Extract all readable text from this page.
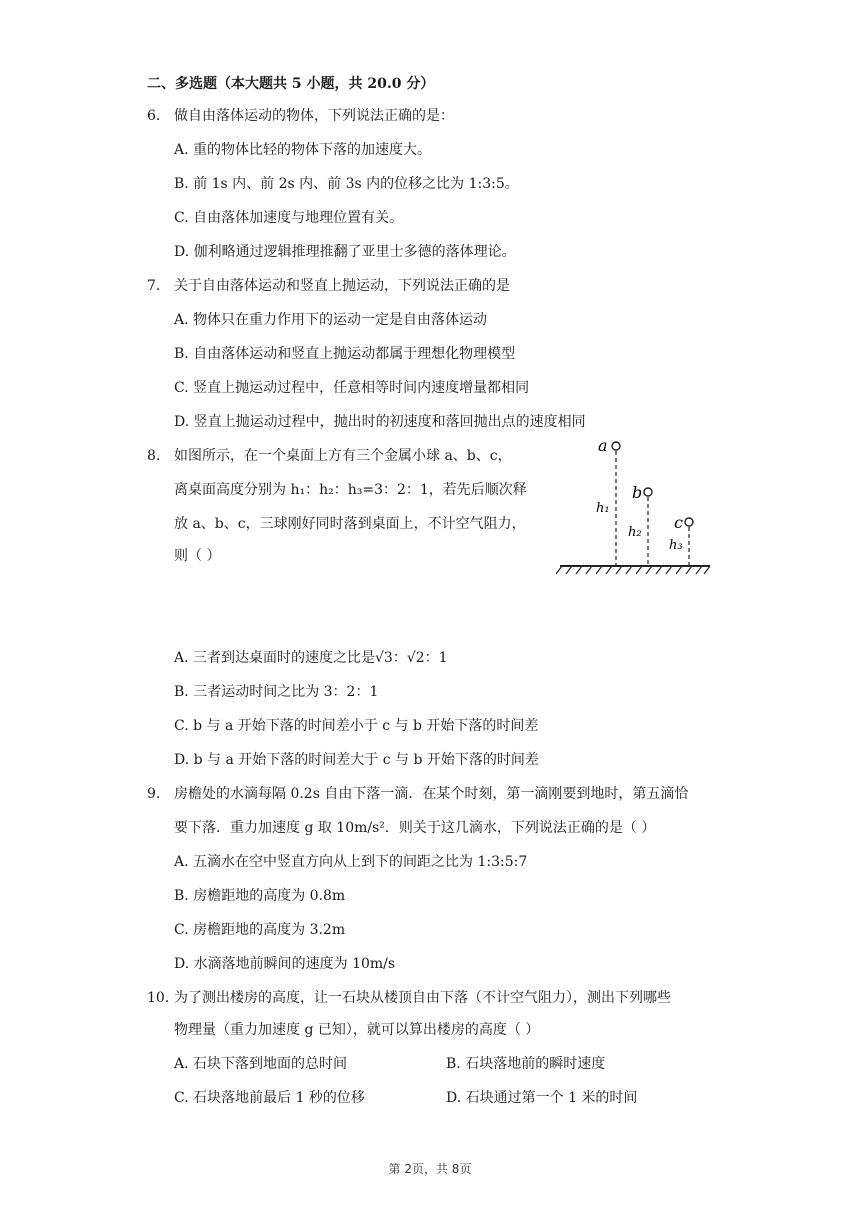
二、多选题（本大题共 5 小题，共 20.0 分）
6. 做自由落体运动的物体，下列说法正确的是：
A. 重的物体比轻的物体下落的加速度大。
B. 前 1s 内、前 2s 内、前 3s 内的位移之比为 1:3:5。
C. 自由落体加速度与地理位置有关。
D. 伽利略通过逻辑推理推翻了亚里士多德的落体理论。
7. 关于自由落体运动和竖直上抛运动，下列说法正确的是
A. 物体只在重力作用下的运动一定是自由落体运动
B. 自由落体运动和竖直上抛运动都属于理想化物理模型
C. 竖直上抛运动过程中，任意相等时间内速度增量都相同
D. 竖直上抛运动过程中，抛出时的初速度和落回抛出点的速度相同
8. 如图所示，在一个桌面上方有三个金属小球 a、b、c，
离桌面高度分别为 h₁：h₂：h₃=3：2：1，若先后顺次释
放 a、b、c，三球刚好同时落到桌面上，不计空气阻力，
则（ ）
a
h₁
b
h₂
c
h₃
A. 三者到达桌面时的速度之比是√3：√2：1
B. 三者运动时间之比为 3：2：1
C. b 与 a 开始下落的时间差小于 c 与 b 开始下落的时间差
D. b 与 a 开始下落的时间差大于 c 与 b 开始下落的时间差
9. 房檐处的水滴每隔 0.2s 自由下落一滴．在某个时刻，第一滴刚要到地时，第五滴恰
要下落．重力加速度 g 取 10m/s²．则关于这几滴水，下列说法正确的是（ ）
A. 五滴水在空中竖直方向从上到下的间距之比为 1:3:5:7
B. 房檐距地的高度为 0.8m
C. 房檐距地的高度为 3.2m
D. 水滴落地前瞬间的速度为 10m/s
10. 为了测出楼房的高度，让一石块从楼顶自由下落（不计空气阻力），测出下列哪些
物理量（重力加速度 g 已知），就可以算出楼房的高度（ ）
A. 石块下落到地面的总时间	B. 石块落地前的瞬时速度
C. 石块落地前最后 1 秒的位移	D. 石块通过第一个 1 米的时间
第 2页，共 8页
